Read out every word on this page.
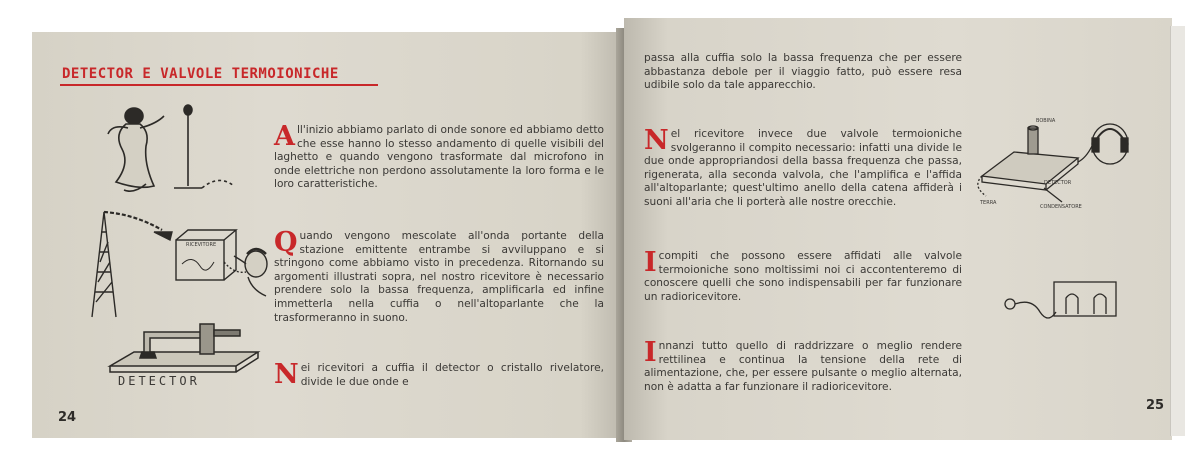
DETECTOR E VALVOLE TERMOIONICHE
RICEVITORE
DETECTOR
All'inizio abbiamo parlato di onde sonore ed abbiamo detto che esse hanno lo stesso andamento di quelle visibili del laghetto e quando vengono trasformate dal microfono in onde elettriche non perdono assolutamente la loro forma e le loro caratteristiche.
Quando vengono mescolate all'onda portante della stazione emittente entrambe si avviluppano e si stringono come abbiamo visto in precedenza. Ritornando su argomenti illustrati sopra, nel nostro ricevitore è necessario prendere solo la bassa frequenza, amplificarla ed infine immetterla nella cuffia o nell'altoparlante che la trasformeranno in suono.
Nei ricevitori a cuffia il detector o cristallo rivelatore, divide le due onde e
24
passa alla cuffia solo la bassa frequenza che per essere abbastanza debole per il viaggio fatto, può essere resa udibile solo da tale apparecchio.
Nel ricevitore invece due valvole termoioniche svolgeranno il compito necessario: infatti una divide le due onde appropriandosi della bassa frequenza che passa, rigenerata, alla seconda valvola, che l'amplifica e l'affida all'altoparlante; quest'ultimo anello della catena affiderà i suoni all'aria che li porterà alle nostre orecchie.
I compiti che possono essere affidati alle valvole termoioniche sono moltissimi noi ci accontenteremo di conoscere quelli che sono indispensabili per far funzionare un radioricevitore.
Innanzi tutto quello di raddrizzare o meglio rendere rettilinea e continua la tensione della rete di alimentazione, che, per essere pulsante o meglio alternata, non è adatta a far funzionare il radioricevitore.
BOBINA
DETECTOR
TERRA
CONDENSATORE
25
